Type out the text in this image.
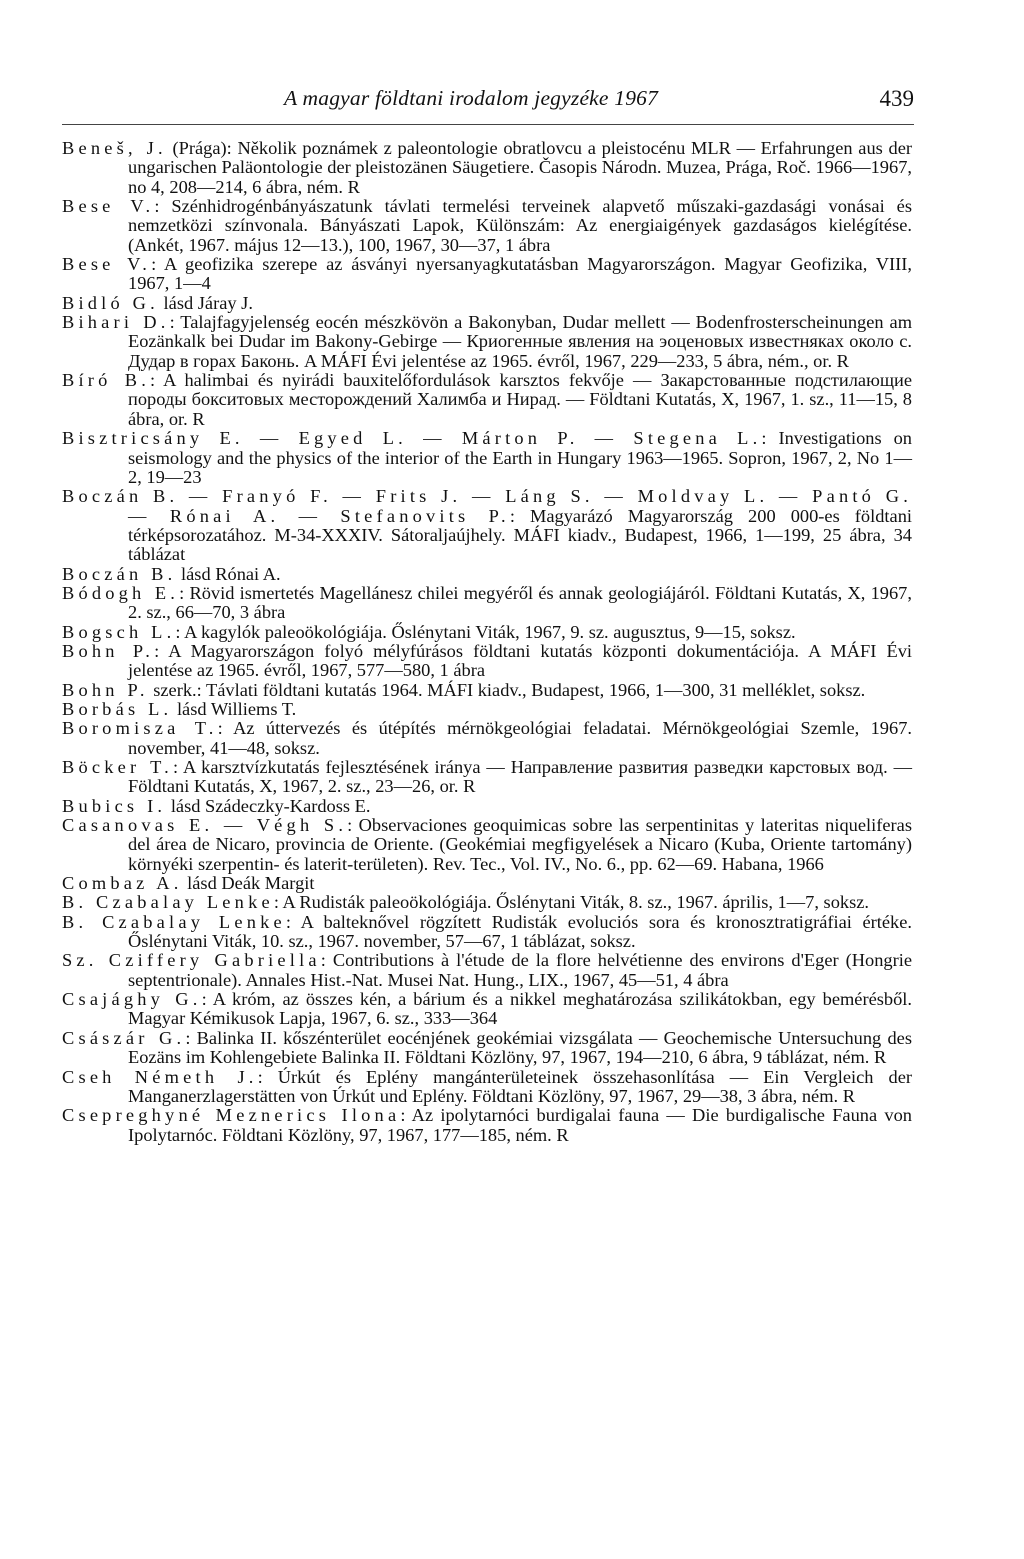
A magyar földtani irodalom jegyzéke 1967	439

Beneš, J. (Prága): Několik poznámek z paleontologie obratlovcu a pleistocénu MLR — Erfahrungen aus der ungarischen Paläontologie der pleistozänen Säugetiere. Časopis Národn. Muzea, Prága, Roč. 1966—1967, no 4, 208—214, 6 ábra, ném. R

Bese V.: Szénhidrogénbányászatunk távlati termelési terveinek alapvető műszaki-gazdasági vonásai és nemzetközi színvonala. Bányászati Lapok, Különszám: Az energiaigények gazdaságos kielégítése. (Ankét, 1967. május 12—13.), 100, 1967, 30—37, 1 ábra

Bese V.: A geofizika szerepe az ásványi nyersanyagkutatásban Magyarországon. Magyar Geofizika, VIII, 1967, 1—4

Bidló G. lásd Járay J.

Bihari D.: Talajfagyjelenség eocén mészkövön a Bakonyban, Dudar mellett — Bodenfrosterscheinungen am Eozänkalk bei Dudar im Bakony-Gebirge — Криогенные явления на эоценовых известняках около с. Дудар в горах Баконь. A MÁFI Évi jelentése az 1965. évről, 1967, 229—233, 5 ábra, ném., or. R

Bíró B.: A halimbai és nyirádi bauxitelőfordulások karsztos fekvője — Закарстованные подстилающие породы бокситовых месторождений Халимба и Нирад. — Földtani Kutatás, X, 1967, 1. sz., 11—15, 8 ábra, or. R

Bisztricsány E. — Egyed L. — Márton P. — Stegena L.: Investigations on seismology and the physics of the interior of the Earth in Hungary 1963—1965. Sopron, 1967, 2, No 1—2, 19—23

Boczán B. — Franyó F. — Frits J. — Láng S. — Moldvay L. — Pantó G. — Rónai A. — Stefanovits P.: Magyarázó Magyarország 200 000-es földtani térképsorozatához. M-34-XXXIV. Sátoraljaújhely. MÁFI kiadv., Budapest, 1966, 1—199, 25 ábra, 34 táblázat

Boczán B. lásd Rónai A.

Bódogh E.: Rövid ismertetés Magellánesz chilei megyéről és annak geologiájáról. Földtani Kutatás, X, 1967, 2. sz., 66—70, 3 ábra

Bogsch L.: A kagylók paleoökológiája. Őslénytani Viták, 1967, 9. sz. augusztus, 9—15, soksz.

Bohn P.: A Magyarországon folyó mélyfúrásos földtani kutatás központi dokumentációja. A MÁFI Évi jelentése az 1965. évről, 1967, 577—580, 1 ábra

Bohn P. szerk.: Távlati földtani kutatás 1964. MÁFI kiadv., Budapest, 1966, 1—300, 31 melléklet, soksz.

Borbás L. lásd Williems T.

Boromisza T.: Az úttervezés és útépítés mérnökgeológiai feladatai. Mérnökgeológiai Szemle, 1967. november, 41—48, soksz.

Böcker T.: A karsztvízkutatás fejlesztésének iránya — Направление развития разведки карстовых вод. — Földtani Kutatás, X, 1967, 2. sz., 23—26, or. R

Bubics I. lásd Szádeczky-Kardoss E.

Casanovas E. — Végh S.: Observaciones geoquimicas sobre las serpentinitas y lateritas niqueliferas del área de Nicaro, provincia de Oriente. (Geokémiai megfigyelések a Nicaro (Kuba, Oriente tartomány) környéki szerpentin- és laterit-területen). Rev. Tec., Vol. IV., No. 6., pp. 62—69. Habana, 1966

Combaz A. lásd Deák Margit

B. Czabalay Lenke: A Rudisták paleoökológiája. Őslénytani Viták, 8. sz., 1967. április, 1—7, soksz.

B. Czabalay Lenke: A balteknővel rögzített Rudisták evoluciós sora és kronosztratigráfiai értéke. Őslénytani Viták, 10. sz., 1967. november, 57—67, 1 táblázat, soksz.

Sz. Cziffery Gabriella: Contributions à l'étude de la flore helvétienne des environs d'Eger (Hongrie septentrionale). Annales Hist.-Nat. Musei Nat. Hung., LIX., 1967, 45—51, 4 ábra

Csajághy G.: A króm, az összes kén, a bárium és a nikkel meghatározása szilikátokban, egy bemérésből. Magyar Kémikusok Lapja, 1967, 6. sz., 333—364

Császár G.: Balinka II. kőszénterület eocénjének geokémiai vizsgálata — Geochemische Untersuchung des Eozäns im Kohlengebiete Balinka II. Földtani Közlöny, 97, 1967, 194—210, 6 ábra, 9 táblázat, ném. R

Cseh Németh J.: Úrkút és Eplény mangánterületeinek összehasonlítása — Ein Vergleich der Manganerzlagerstätten von Úrkút und Eplény. Földtani Közlöny, 97, 1967, 29—38, 3 ábra, ném. R

Csepreghyné Meznerics Ilona: Az ipolytarnóci burdigalai fauna — Die burdigalische Fauna von Ipolytarnóc. Földtani Közlöny, 97, 1967, 177—185, ném. R
